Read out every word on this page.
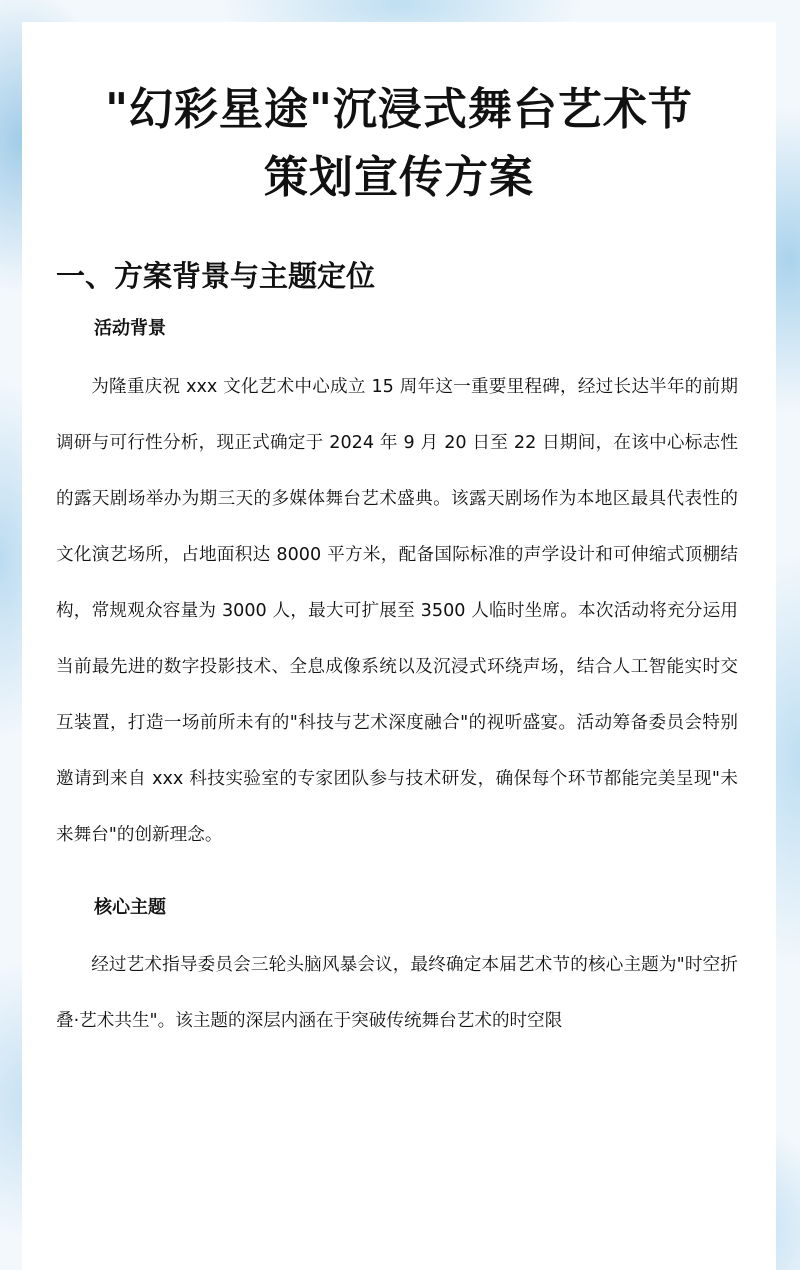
"幻彩星途"沉浸式舞台艺术节
策划宣传方案
一、方案背景与主题定位
活动背景

为隆重庆祝 xxx 文化艺术中心成立 15 周年这一重要里程碑，经过长达半年的前期调研与可行性分析，现正式确定于 2024 年 9 月 20 日至 22 日期间，在该中心标志性的露天剧场举办为期三天的多媒体舞台艺术盛典。该露天剧场作为本地区最具代表性的文化演艺场所，占地面积达 8000 平方米，配备国际标准的声学设计和可伸缩式顶棚结构，常规观众容量为 3000 人，最大可扩展至 3500 人临时坐席。本次活动将充分运用当前最先进的数字投影技术、全息成像系统以及沉浸式环绕声场，结合人工智能实时交互装置，打造一场前所未有的"科技与艺术深度融合"的视听盛宴。活动筹备委员会特别邀请到来自 xxx 科技实验室的专家团队参与技术研发，确保每个环节都能完美呈现"未来舞台"的创新理念。

核心主题

经过艺术指导委员会三轮头脑风暴会议，最终确定本届艺术节的核心主题为"时空折叠·艺术共生"。该主题的深层内涵在于突破传统舞台艺术的时空限
